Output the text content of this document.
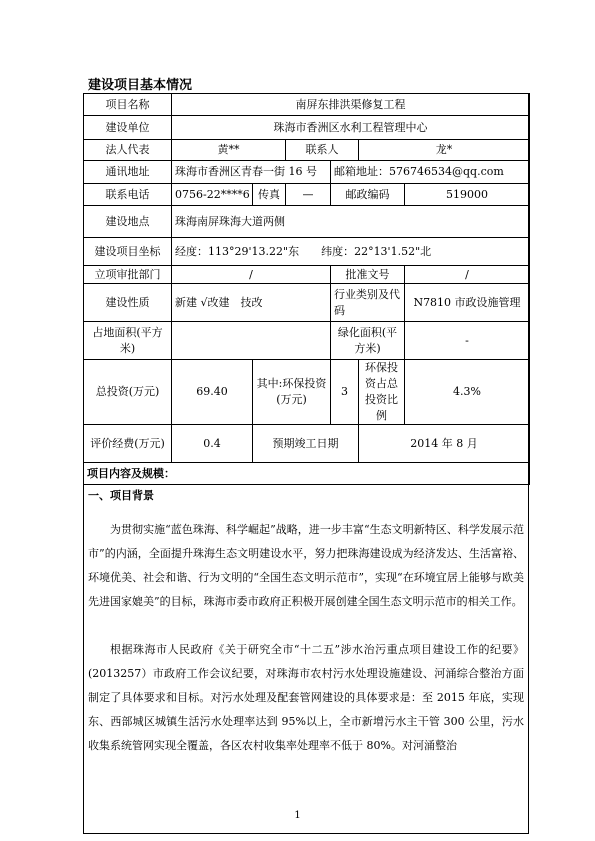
建设项目基本情况
项目名称	南屏东排洪渠修复工程					
建设单位	珠海市香洲区水利工程管理中心					
法人代表	黄**		联系人		龙*	
通讯地址	珠海市香洲区青春一街 16 号			邮箱地址：576746534@qq.com		
联系电话	0756-22****6	传真	—	邮政编码		519000
建设地点	珠海南屏珠海大道两侧					
建设项目坐标	经度：113°29'13.22"东　　纬度：22°13'1.52"北					
立项审批部门	/			批准文号		/
建设性质	新建 √改建　技改			行业类别及代码		N7810 市政设施管理
占地面积(平方米)				绿化面积(平方米)		-
总投资(万元)	69.40	其中:环保投资(万元)		3	环保投资占总投资比例	4.3%
评价经费(万元)	0.4	预期竣工日期			2014 年 8 月	
项目内容及规模：						
一、项目背景
为贯彻实施“蓝色珠海、科学崛起”战略，进一步丰富“生态文明新特区、科学发展示范市”的内涵，全面提升珠海生态文明建设水平，努力把珠海建设成为经济发达、生活富裕、环境优美、社会和谐、行为文明的“全国生态文明示范市”，实现“在环境宜居上能够与欧美先进国家媲美”的目标，珠海市委市政府正积极开展创建全国生态文明示范市的相关工作。
根据珠海市人民政府《关于研究全市“十二五”涉水治污重点项目建设工作的纪要》(2013257）市政府工作会议纪要，对珠海市农村污水处理设施建设、河涌综合整治方面制定了具体要求和目标。对污水处理及配套管网建设的具体要求是：至 2015 年底，实现东、西部城区城镇生活污水处理率达到 95%以上，全市新增污水主干管 300 公里，污水收集系统管网实现全覆盖，各区农村收集率处理率不低于 80%。对河涌整治
1
